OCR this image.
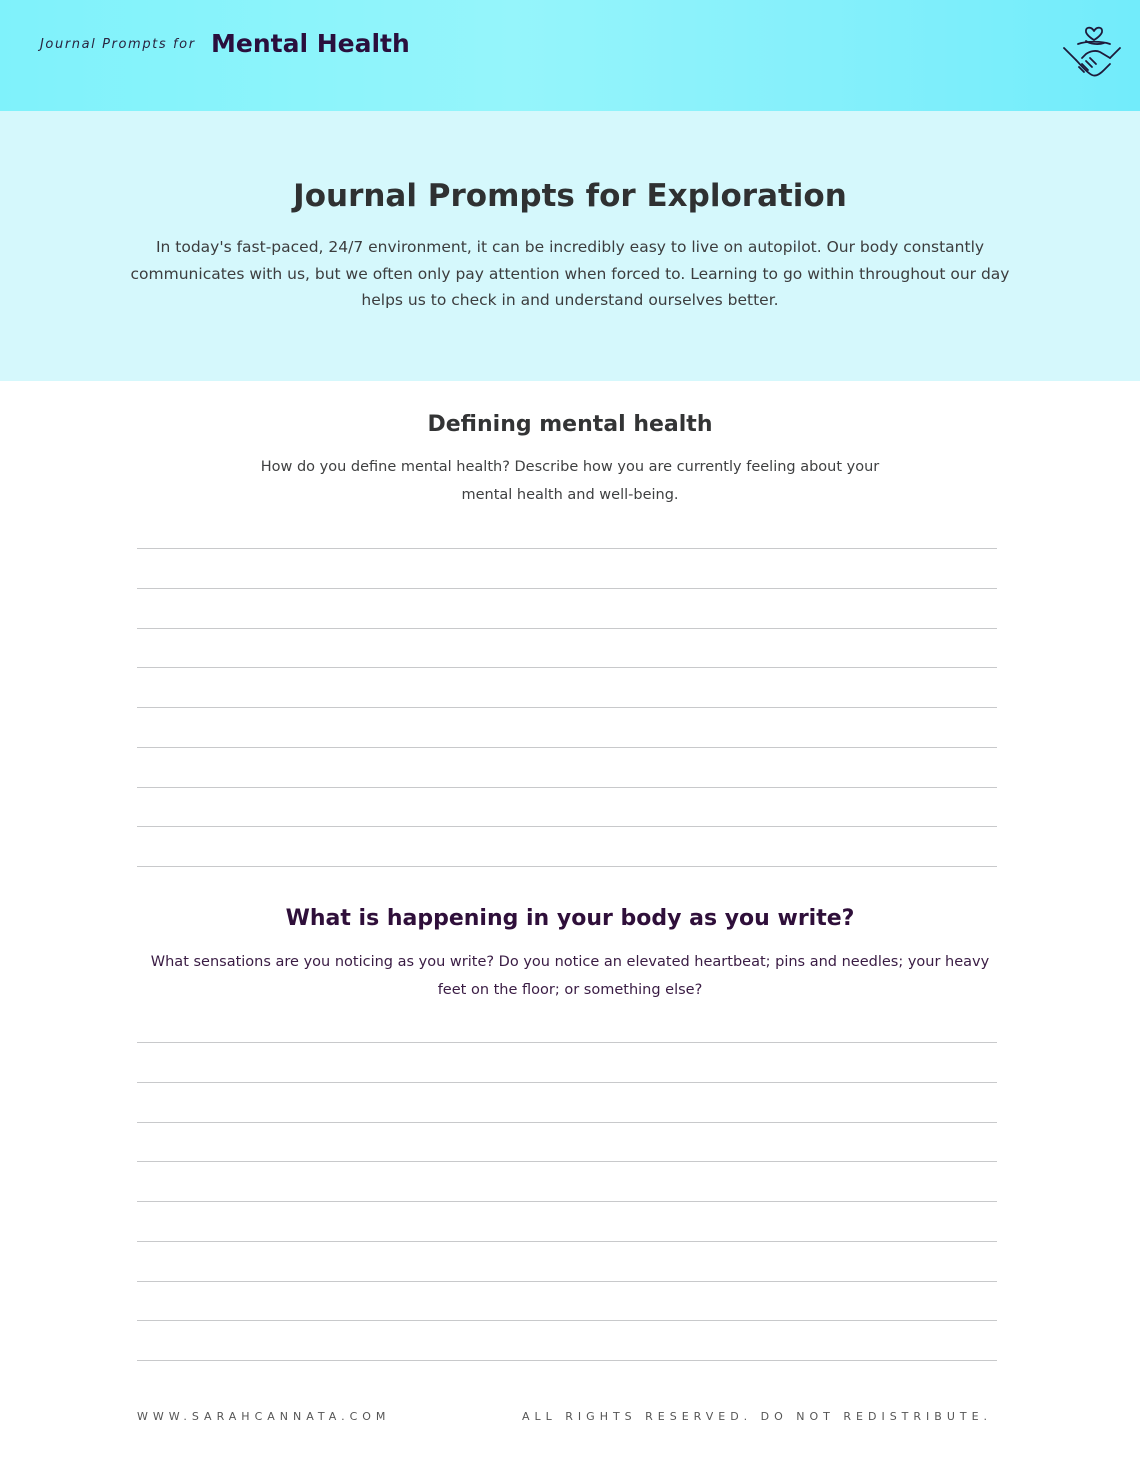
Journal Prompts for Mental Health
Journal Prompts for Exploration
In today's fast-paced, 24/7 environment, it can be incredibly easy to live on autopilot. Our body constantly
communicates with us, but we often only pay attention when forced to. Learning to go within throughout our day
helps us to check in and understand ourselves better.
Defining mental health
How do you define mental health? Describe how you are currently feeling about your
mental health and well-being.
What is happening in your body as you write?
What sensations are you noticing as you write? Do you notice an elevated heartbeat; pins and needles; your heavy
feet on the floor; or something else?
WWW.SARAHCANNATA.COM	ALL RIGHTS RESERVED. DO NOT REDISTRIBUTE.
